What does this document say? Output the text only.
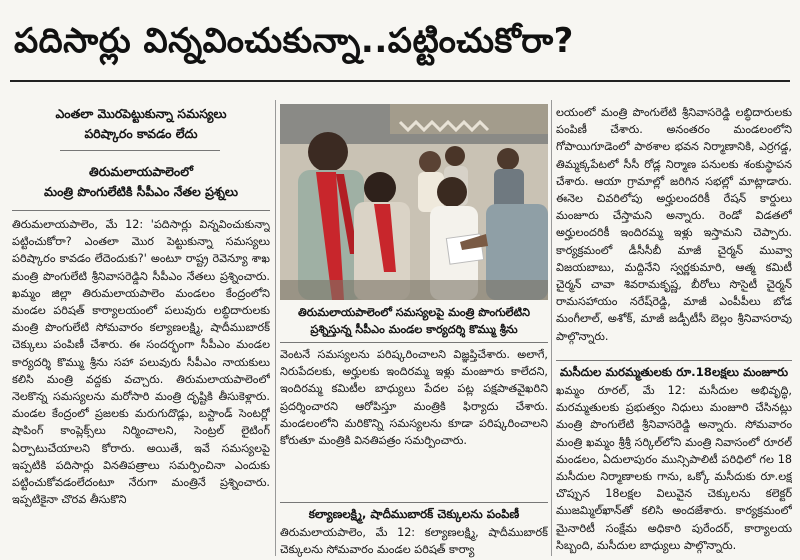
పదిసార్లు విన్నవించుకున్నా..పట్టించుకోరా?
ఎంతలా మొరపెట్టుకున్నా సమస్యలు
పరిష్కారం కావడం లేదు
తిరుమలాయపాలెంలో
మంత్రి పొంగులేటికి సీపీఎం నేతల ప్రశ్నలు
తిరుమలాయపాలెం, మే 12: 'పదిసార్లు విన్నవించుకున్నా పట్టించుకోరా? ఎంతలా మొర పెట్టుకున్నా సమస్యలు పరిష్కారం కావడం లేదెందుకు?' అంటూ రాష్ట్ర రెవెన్యూ శాఖ మంత్రి పొంగులేటి శ్రీనివాసరెడ్డిని సీపీఎం నేతలు ప్రశ్నించారు. ఖమ్మం జిల్లా తిరుమలాయపాలెం మండలం కేంద్రంలోని మండల పరిషత్ కార్యాలయంలో పలువురు లబ్ధిదారులకు మంత్రి పొంగులేటి సోమవారం కల్యాణలక్ష్మి, షాదీముబారక్ చెక్కులు పంపిణీ చేశారు. ఈ సందర్భంగా సీపీఎం మండల కార్యదర్శి కొమ్ము శ్రీను సహా పలువురు సీపీఎం నాయకులు కలిసి మంత్రి వద్దకు వచ్చారు. తిరుమలాయపాలెంలో నెలకొన్న సమస్యలను మరోసారి మంత్రి దృష్టికి తీసుకెళ్లారు. మండల కేంద్రంలో ప్రజలకు మరుగుదొడ్లు, బస్టాండ్ సెంటర్లో షాపింగ్ కాంప్లెక్స్‌లు నిర్మించాలని, సెంట్రల్ లైటింగ్ ఏర్పాటుచేయాలని కోరారు. అయితే, ఇవే సమస్యలపై ఇప్పటికి పదిసార్లు వినతిపత్రాలు సమర్పించినా ఎందుకు పట్టించుకోవడంలేదంటూ నేరుగా మంత్రినే ప్రశ్నించారు. ఇప్పటికైనా చొరవ తీసుకొని
తిరుమలాయపాలెంలో సమస్యలపై మంత్రి పొంగులేటిని
ప్రశ్నిస్తున్న సీపీఎం మండల కార్యదర్శి కొమ్ము శ్రీను
వెంటనే సమస్యలను పరిష్కరించాలని విజ్ఞప్తిచేశారు. అలాగే, నిరుపేదలకు, అర్హులకు ఇందిరమ్మ ఇళ్లు మంజూరు కాలేదని, ఇందిరమ్మ కమిటీల బాధ్యులు పేదల పట్ల పక్షపాతవైఖరిని ప్రదర్శించారని ఆరోపిస్తూ మంత్రికి ఫిర్యాదు చేశారు. మండలంలోని మరికొన్ని సమస్యలను కూడా పరిష్కరించాలని కోరుతూ మంత్రికి వినతిపత్రం సమర్పించారు.
కల్యాణలక్ష్మి, షాదీముబారక్ చెక్కులను పంపిణీ
తిరుమలాయపాలెం, మే 12: కల్యాణలక్ష్మి, షాదీముబారక్ చెక్కులను సోమవారం మండల పరిషత్ కార్యా
లయంలో మంత్రి పొంగులేటి శ్రీనివాసరెడ్డి లబ్ధిదారులకు పంపిణీ చేశారు. అనంతరం మండలంలోని గోపాయిగూడెంలో పాఠశాల భవన నిర్మాణానికి, ఎర్రగడ్డ, తిమ్మక్కపేటలో సీసీ రోడ్ల నిర్మాణ పనులకు శంకుస్థాపన చేశారు. ఆయా గ్రామాల్లో జరిగిన సభల్లో మాట్లాడారు. ఈనెల చివరిలోపు అర్హులందరికీ రేషన్ కార్డులు మంజూరు చేస్తామని అన్నారు. రెండో విడతలో అర్హులందరికీ ఇందిరమ్మ ఇళ్లు ఇస్తామని చెప్పారు. కార్యక్రమంలో డీసీసీబీ మాజీ చైర్మన్ మువ్వా విజయబాబు, మద్దినేని స్వర్ణకుమారి, ఆత్మ కమిటీ చైర్మన్ చావా శివరామకృష్ణ, బీరోలు సొసైటీ చైర్మన్ రామసహాయం నరేష్‌రెడ్డి, మాజీ ఎంపీపీలు బోడ మంగీలాల్, అశోక్, మాజీ జడ్పీటీసీ బెల్లం శ్రీనివాసరావు పాల్గొన్నారు.
మసీదుల మరమ్మతులకు రూ.18లక్షలు మంజూరు
ఖమ్మం రూరల్, మే 12: మసీదుల అభివృద్ధి, మరమ్మతులకు ప్రభుత్వం నిధులు మంజూరి చేసినట్లు మంత్రి పొంగులేటి శ్రీనివాసరెడ్డి అన్నారు. సోమవారం మంత్రి ఖమ్మం శ్రీశ్రీ సర్కిల్‌లోని మంత్రి నివాసంలో రూరల్ మండలం, ఏదులాపురం మున్సిపాలిటీ పరిధిలో గల 18 మసీదుల నిర్మాణాలకు గాను, ఒక్కో మసీదుకు రూ.లక్ష చొప్పున 18లక్షల విలువైన చెక్కులను కలెక్టర్ ముజమ్మిల్‌ఖాన్‌తో కలిసి అందజేశారు. కార్యక్రమంలో మైనారిటీ సంక్షేమ అధికారి పురేందర్, కార్యాలయ సిబ్బంది, మసీదుల బాధ్యులు పాల్గొన్నారు.
